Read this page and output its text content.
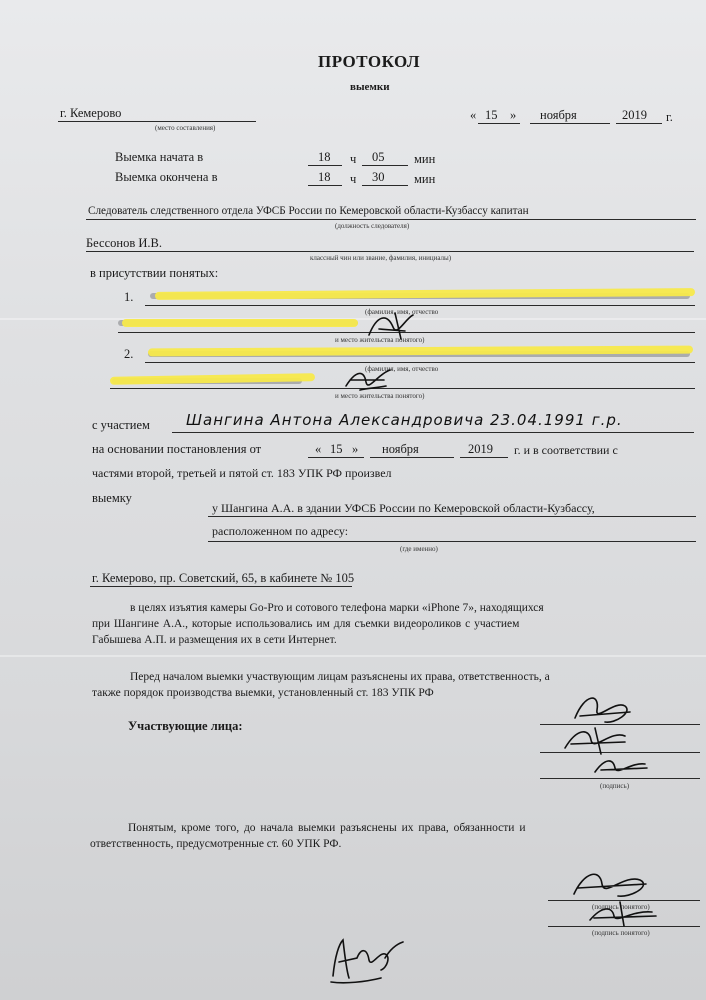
ПРОТОКОЛ
выемки
г. Кемерово
(место составления)
« 15 » ноября	2019 г.
Выемка начата в	18 ч 05 мин
Выемка окончена в	18 ч 30 мин
Следователь следственного отдела УФСБ России по Кемеровской области-Кузбассу капитан
(должность следователя)
Бессонов И.В.
классный чин или звание, фамилия, инициалы)
в присутствии понятых:
1.
(фамилия, имя, отчество
и место жительства понятого)
2.
(фамилия, имя, отчество
и место жительства понятого)
с участием Шангина Антона Александровича 23.04.1991 г.р.
на основании постановления от	« 15 » ноября	2019 г. и в соответствии с
частями второй, третьей и пятой ст. 183 УПК РФ произвел
выемку
у Шангина А.А. в здании УФСБ России по Кемеровской области-Кузбассу,
расположенном по адресу:
(где именно)
г. Кемерово, пр. Советский, 65, в кабинете № 105
в целях изъятия камеры Go-Pro и сотового телефона марки «iPhone 7», находящихся
при Шангине А.А., которые использовались им для съемки видеороликов с участием
Габышева А.П. и размещения их в сети Интернет.
Перед началом выемки участвующим лицам разъяснены их права, ответственность, а
также порядок производства выемки, установленный ст. 183 УПК РФ
Участвующие лица:
(подпись)
Понятым, кроме того, до начала выемки разъяснены их права, обязанности и
ответственность, предусмотренные ст. 60 УПК РФ.
(подпись понятого)
(подпись понятого)
